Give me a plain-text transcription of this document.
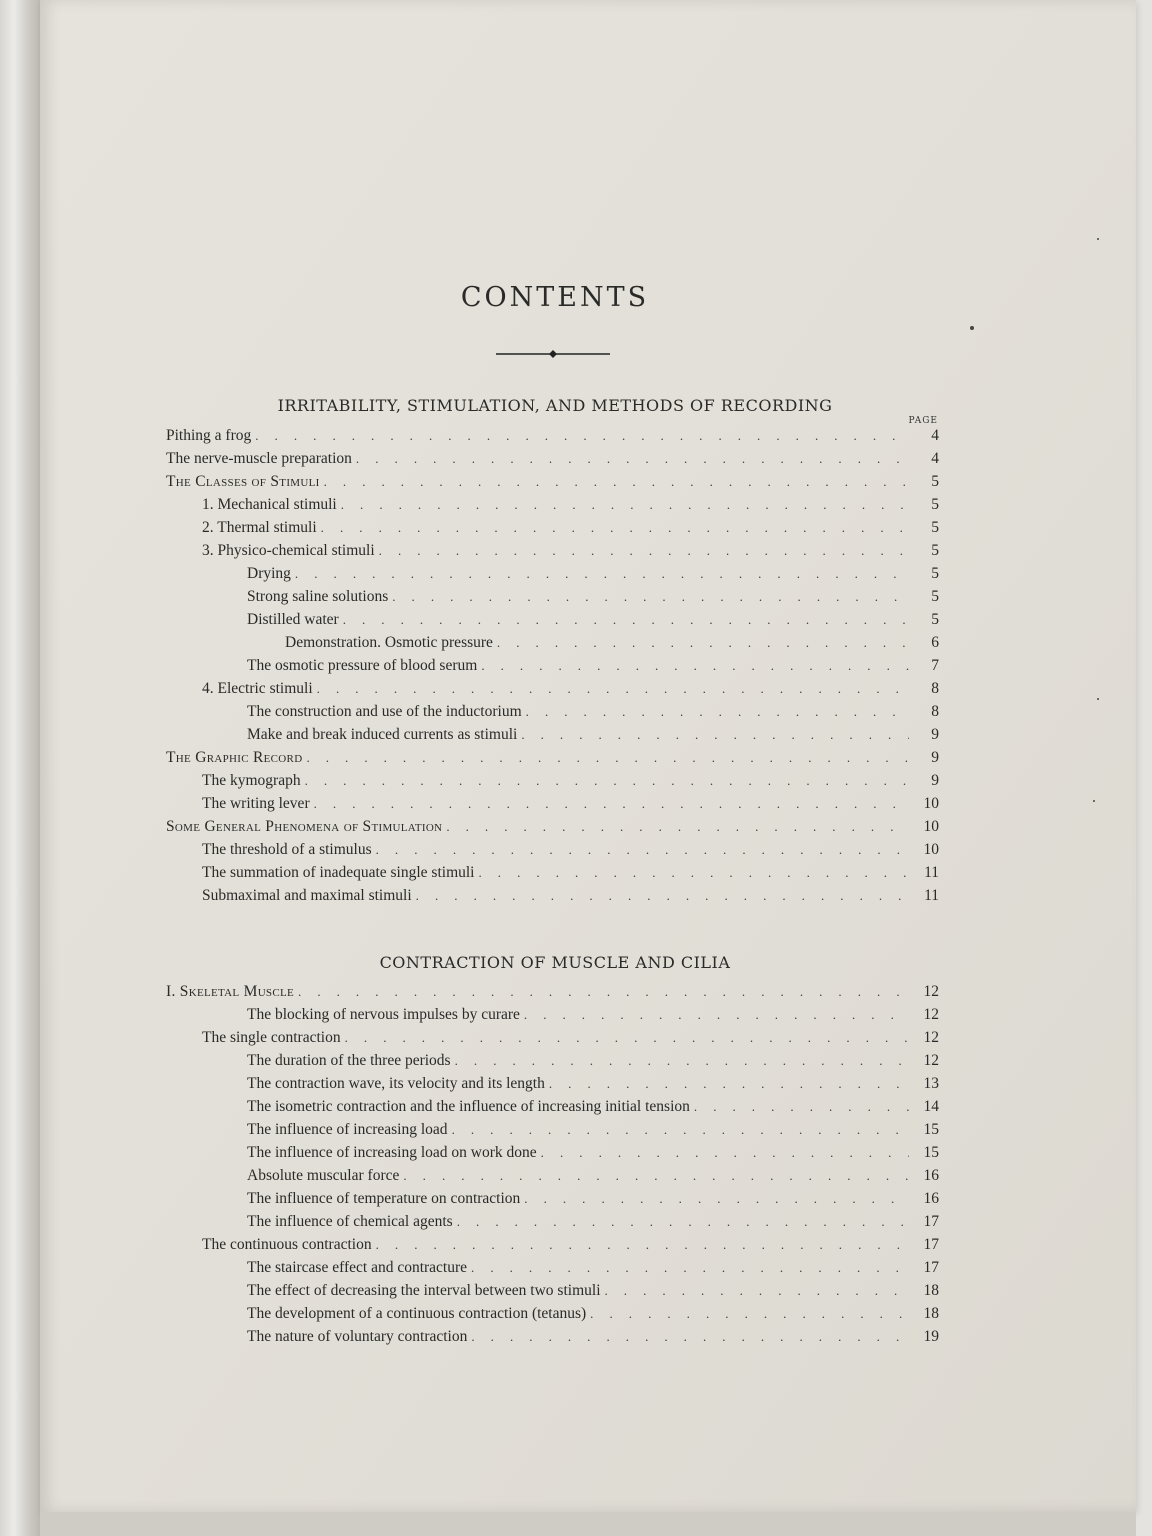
CONTENTS
IRRITABILITY, STIMULATION, AND METHODS OF RECORDING
PAGE
Pithing a frog . . .	4
The nerve-muscle preparation . . .	4
The Classes of Stimuli . . .	5
1. Mechanical stimuli . . .	5
2. Thermal stimuli . . .	5
3. Physico-chemical stimuli . . .	5
Drying . . .	5
Strong saline solutions . . .	5
Distilled water . . .	5
Demonstration. Osmotic pressure . . .	6
The osmotic pressure of blood serum . . .	7
4. Electric stimuli . . .	8
The construction and use of the inductorium . . .	8
Make and break induced currents as stimuli . . .	9
The Graphic Record . . .	9
The kymograph . . .	9
The writing lever . . .	10
Some General Phenomena of Stimulation . . .	10
The threshold of a stimulus . . .	10
The summation of inadequate single stimuli . . .	11
Submaximal and maximal stimuli . . .	11
CONTRACTION OF MUSCLE AND CILIA
I. Skeletal Muscle . . .	12
The blocking of nervous impulses by curare . . .	12
The single contraction . . .	12
The duration of the three periods . . .	12
The contraction wave, its velocity and its length . . .	13
The isometric contraction and the influence of increasing initial tension . . .	14
The influence of increasing load . . .	15
The influence of increasing load on work done . . .	15
Absolute muscular force . . .	16
The influence of temperature on contraction . . .	16
The influence of chemical agents . . .	17
The continuous contraction . . .	17
The staircase effect and contracture . . .	17
The effect of decreasing the interval between two stimuli . . .	18
The development of a continuous contraction (tetanus) . . .	18
The nature of voluntary contraction . . .	19
